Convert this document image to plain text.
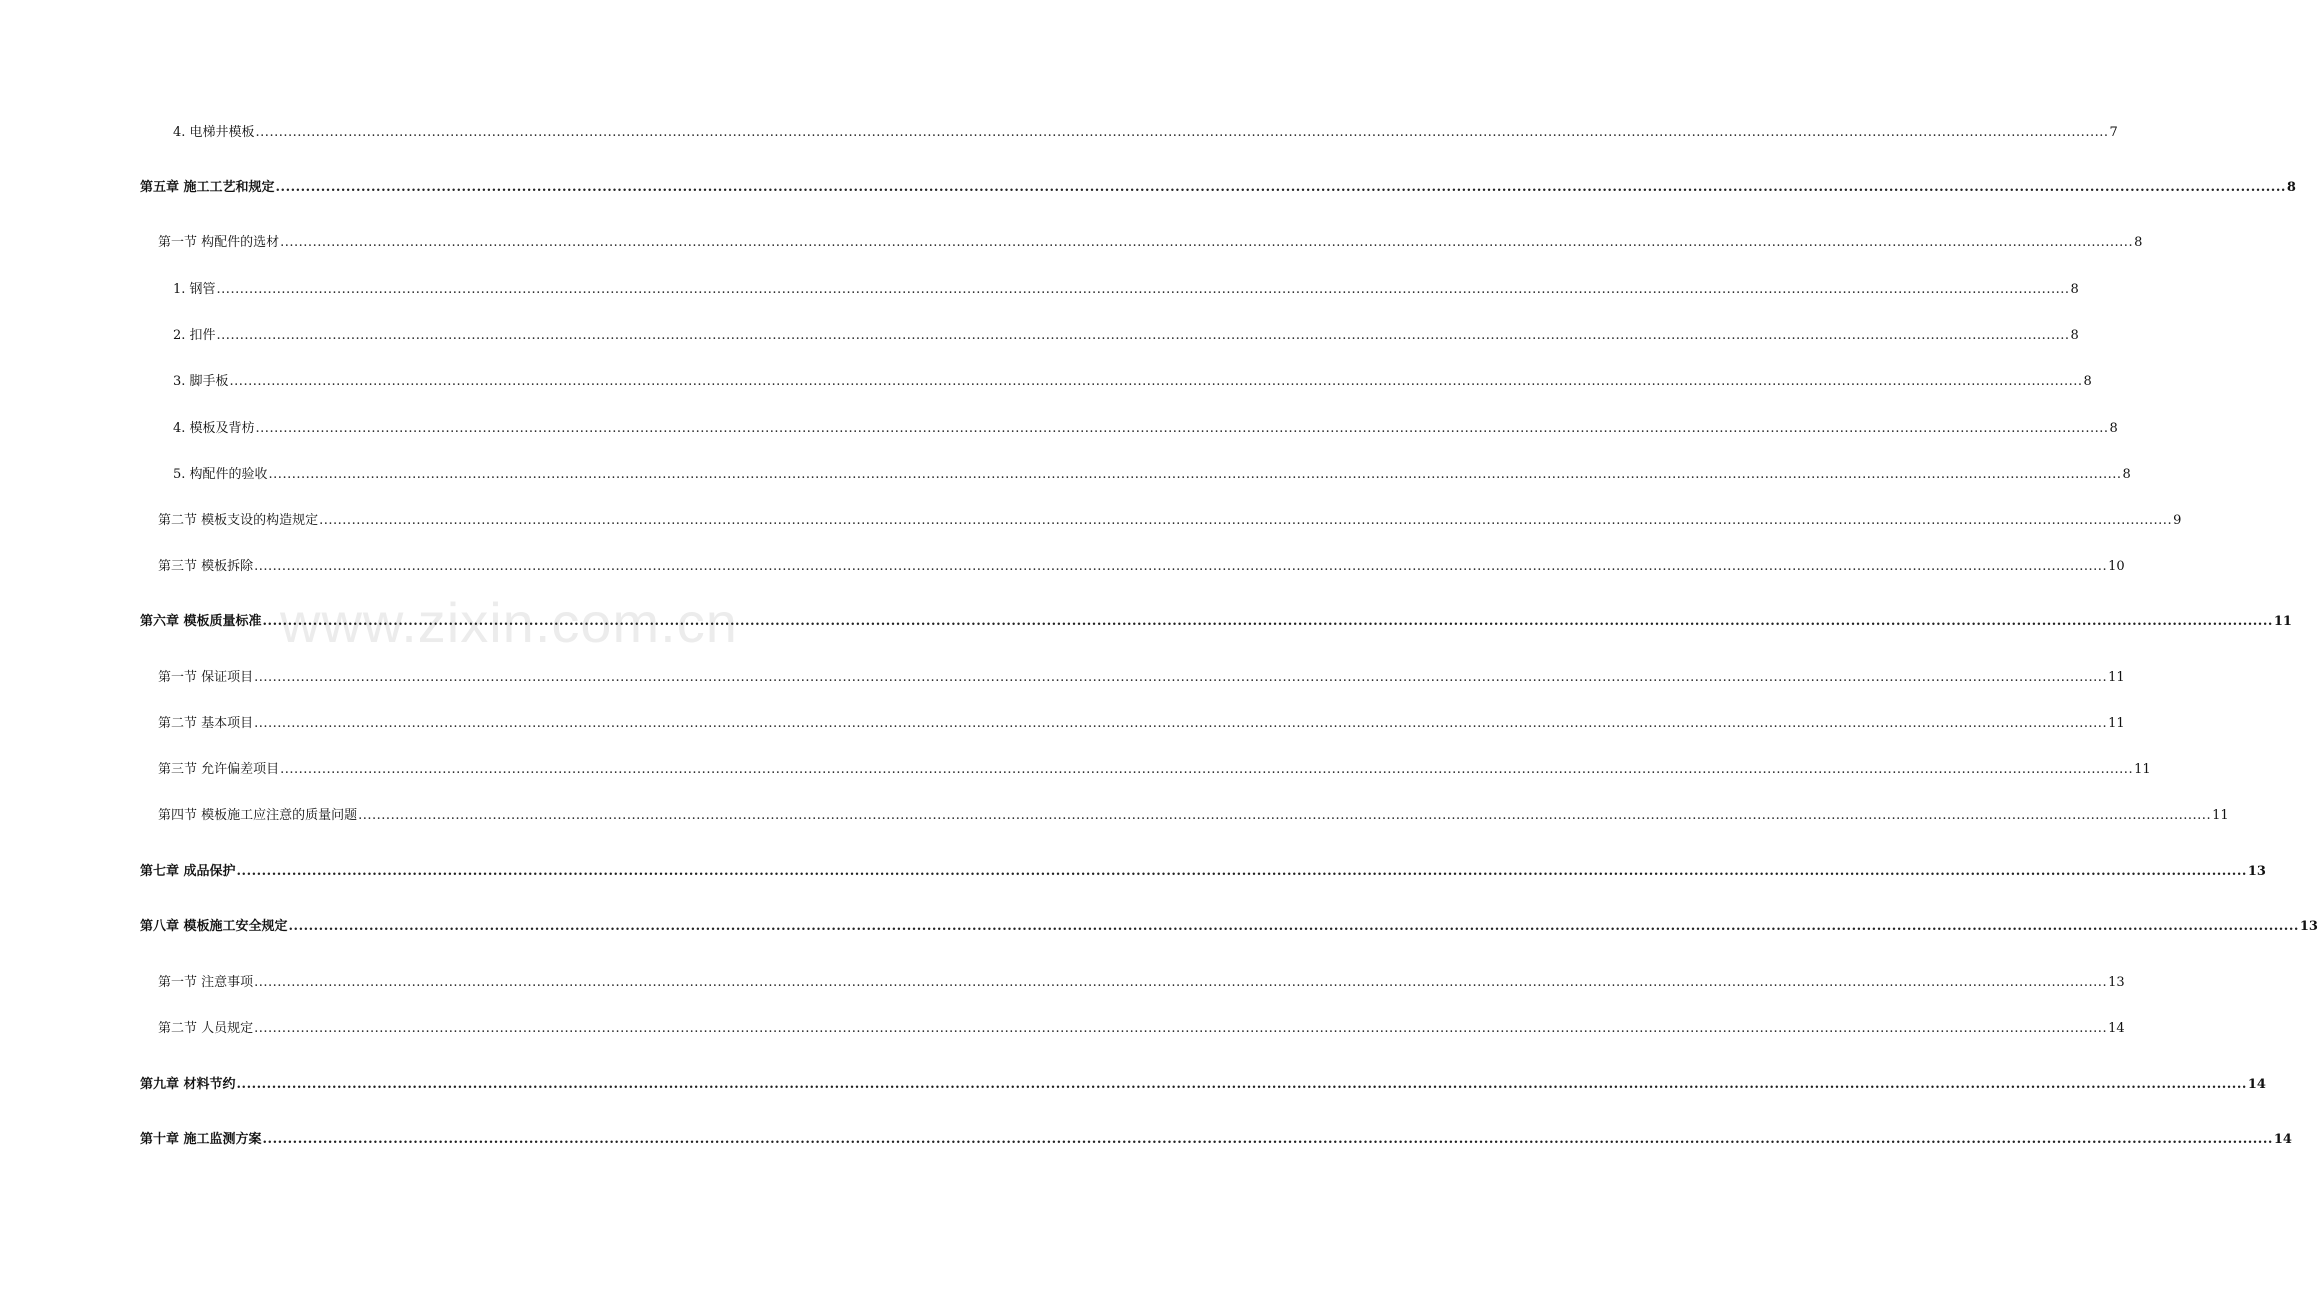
www.zixin.com.cn
4. 电梯井模板 ................................................................................................................................................................................................................................................................................................................................................................................................................ 7
第五章 施工工艺和规定 ................................................................................................................................................................................................................................................................................................................................................................................................................ 8
第一节 构配件的选材 ................................................................................................................................................................................................................................................................................................................................................................................................................ 8
1. 钢管 ................................................................................................................................................................................................................................................................................................................................................................................................................ 8
2. 扣件 ................................................................................................................................................................................................................................................................................................................................................................................................................ 8
3. 脚手板 ................................................................................................................................................................................................................................................................................................................................................................................................................ 8
4. 模板及背枋 ................................................................................................................................................................................................................................................................................................................................................................................................................ 8
5. 构配件的验收 ................................................................................................................................................................................................................................................................................................................................................................................................................ 8
第二节 模板支设的构造规定 ................................................................................................................................................................................................................................................................................................................................................................................................................ 9
第三节 模板拆除 ................................................................................................................................................................................................................................................................................................................................................................................................................ 10
第六章 模板质量标准 ................................................................................................................................................................................................................................................................................................................................................................................................................ 11
第一节 保证项目 ................................................................................................................................................................................................................................................................................................................................................................................................................ 11
第二节 基本项目 ................................................................................................................................................................................................................................................................................................................................................................................................................ 11
第三节 允许偏差项目 ................................................................................................................................................................................................................................................................................................................................................................................................................ 11
第四节 模板施工应注意的质量问题 ................................................................................................................................................................................................................................................................................................................................................................................................................ 11
第七章 成品保护 ................................................................................................................................................................................................................................................................................................................................................................................................................ 13
第八章 模板施工安全规定 ................................................................................................................................................................................................................................................................................................................................................................................................................ 13
第一节 注意事项 ................................................................................................................................................................................................................................................................................................................................................................................................................ 13
第二节 人员规定 ................................................................................................................................................................................................................................................................................................................................................................................................................ 14
第九章 材料节约 ................................................................................................................................................................................................................................................................................................................................................................................................................ 14
第十章 施工监测方案 ................................................................................................................................................................................................................................................................................................................................................................................................................ 14
